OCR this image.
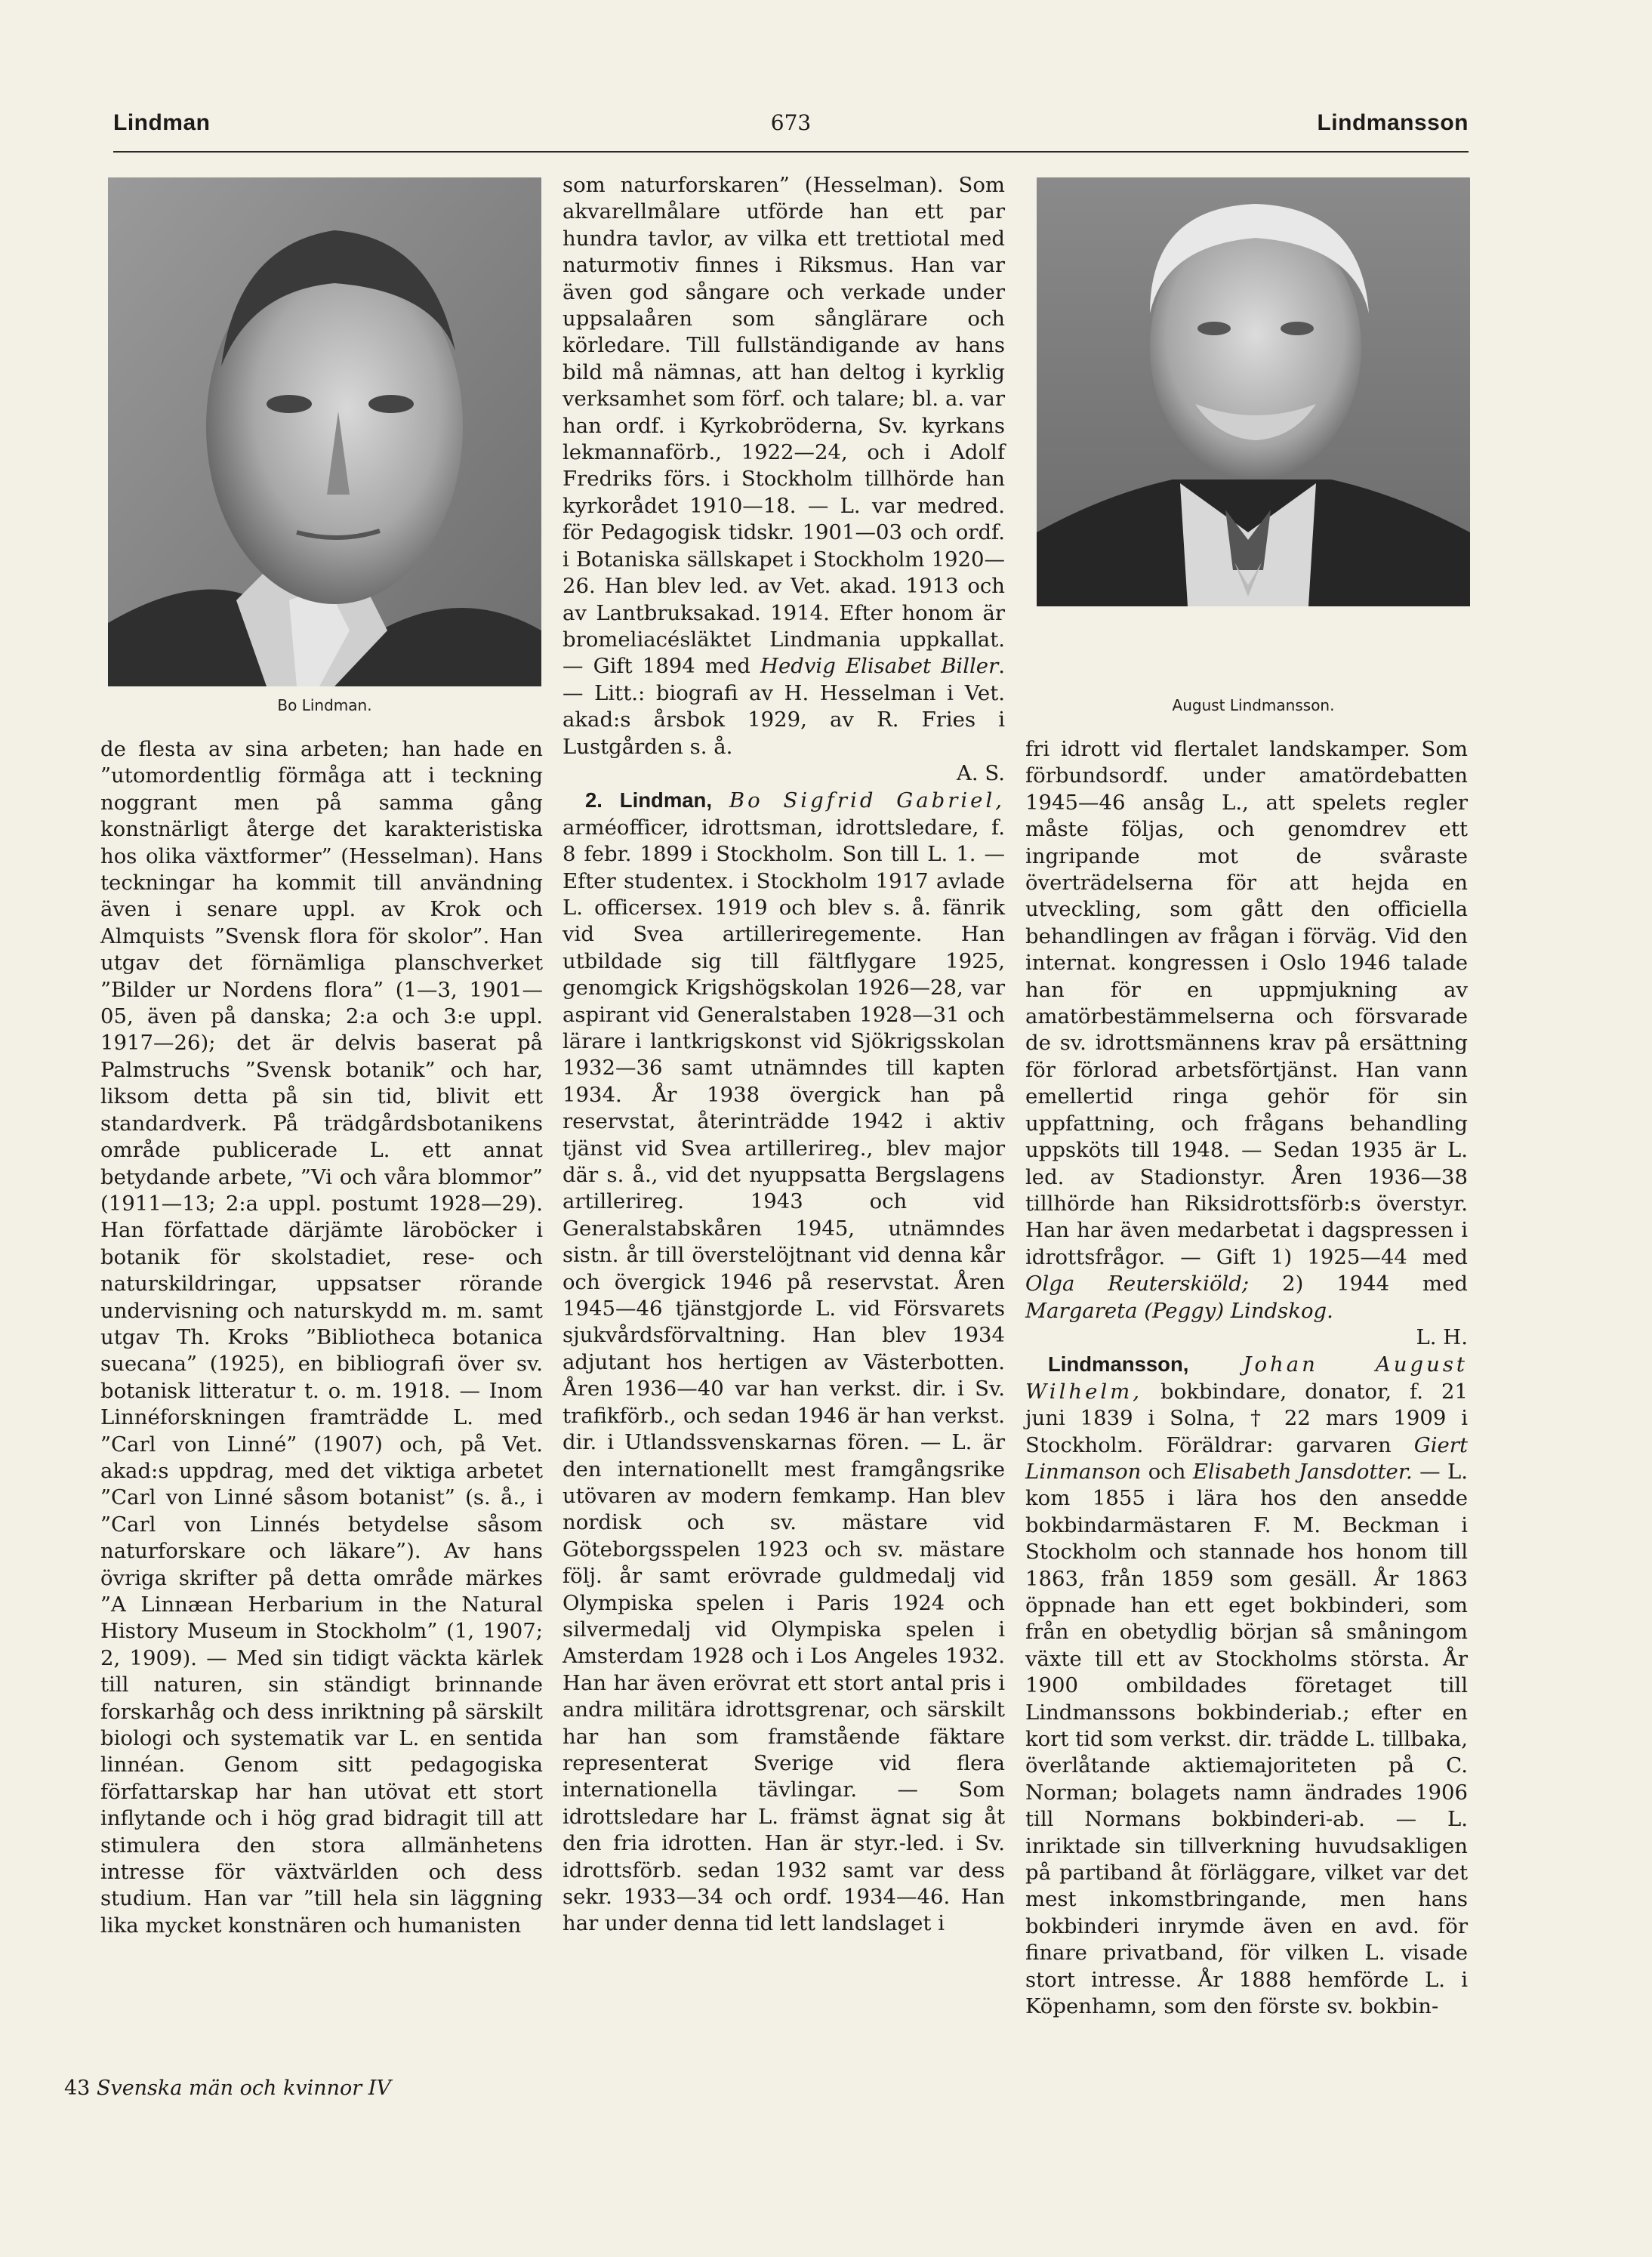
Lindman	673	Lindmansson
Bo Lindman.	August Lindmansson.

de flesta av sina arbeten; han hade en ”utomordentlig förmåga att i teckning noggrant men på samma gång konstnärligt återge det karakteristiska hos olika växtformer” (Hesselman). Hans teckningar ha kommit till användning även i senare uppl. av Krok och Almquists ”Svensk flora för skolor”. Han utgav det förnämliga planschverket ”Bilder ur Nordens flora” (1—3, 1901—05, även på danska; 2:a och 3:e uppl. 1917—26); det är delvis baserat på Palmstruchs ”Svensk botanik” och har, liksom detta på sin tid, blivit ett standardverk. På trädgårdsbotanikens område publicerade L. ett annat betydande arbete, ”Vi och våra blommor” (1911—13; 2:a uppl. postumt 1928—29). Han författade därjämte läroböcker i botanik för skolstadiet, rese- och naturskildringar, uppsatser rörande undervisning och naturskydd m. m. samt utgav Th. Kroks ”Bibliotheca botanica suecana” (1925), en bibliografi över sv. botanisk litteratur t. o. m. 1918. — Inom Linnéforskningen framträdde L. med ”Carl von Linné” (1907) och, på Vet. akad:s uppdrag, med det viktiga arbetet ”Carl von Linné såsom botanist” (s. å., i ”Carl von Linnés betydelse såsom naturforskare och läkare”). Av hans övriga skrifter på detta område märkes ”A Linnæan Herbarium in the Natural History Museum in Stockholm” (1, 1907; 2, 1909). — Med sin tidigt väckta kärlek till naturen, sin ständigt brinnande forskarhåg och dess inriktning på särskilt biologi och systematik var L. en sentida linnéan. Genom sitt pedagogiska författarskap har han utövat ett stort inflytande och i hög grad bidragit till att stimulera den stora allmänhetens intresse för växtvärlden och dess studium. Han var ”till hela sin läggning lika mycket konstnären och humanisten

som naturforskaren” (Hesselman). Som akvarellmålare utförde han ett par hundra tavlor, av vilka ett trettiotal med naturmotiv finnes i Riksmus. Han var även god sångare och verkade under uppsalaåren som sånglärare och körledare. Till fullständigande av hans bild må nämnas, att han deltog i kyrklig verksamhet som förf. och talare; bl. a. var han ordf. i Kyrkobröderna, Sv. kyrkans lekmannaförb., 1922—24, och i Adolf Fredriks förs. i Stockholm tillhörde han kyrkorådet 1910—18. — L. var medred. för Pedagogisk tidskr. 1901—03 och ordf. i Botaniska sällskapet i Stockholm 1920—26. Han blev led. av Vet. akad. 1913 och av Lantbruksakad. 1914. Efter honom är bromeliacésläktet Lindmania uppkallat. — Gift 1894 med Hedvig Elisabet Biller. — Litt.: biografi av H. Hesselman i Vet. akad:s årsbok 1929, av R. Fries i Lustgården s. å.
A. S.

2. Lindman, Bo Sigfrid Gabriel, arméofficer, idrottsman, idrottsledare, f. 8 febr. 1899 i Stockholm. Son till L. 1. — Efter studentex. i Stockholm 1917 avlade L. officersex. 1919 och blev s. å. fänrik vid Svea artilleriregemente. Han utbildade sig till fältflygare 1925, genomgick Krigshögskolan 1926—28, var aspirant vid Generalstaben 1928—31 och lärare i lantkrigskonst vid Sjökrigsskolan 1932—36 samt utnämndes till kapten 1934. År 1938 övergick han på reservstat, återinträdde 1942 i aktiv tjänst vid Svea artillerireg., blev major där s. å., vid det nyuppsatta Bergslagens artillerireg. 1943 och vid Generalstabskåren 1945, utnämndes sistn. år till överstelöjtnant vid denna kår och övergick 1946 på reservstat. Åren 1945—46 tjänstgjorde L. vid Försvarets sjukvårdsförvaltning. Han blev 1934 adjutant hos hertigen av Västerbotten. Åren 1936—40 var han verkst. dir. i Sv. trafikförb., och sedan 1946 är han verkst. dir. i Utlandssvenskarnas fören. — L. är den internationellt mest framgångsrike utövaren av modern femkamp. Han blev nordisk och sv. mästare vid Göteborgsspelen 1923 och sv. mästare följ. år samt erövrade guldmedalj vid Olympiska spelen i Paris 1924 och silvermedalj vid Olympiska spelen i Amsterdam 1928 och i Los Angeles 1932. Han har även erövrat ett stort antal pris i andra militära idrottsgrenar, och särskilt har han som framstående fäktare representerat Sverige vid flera internationella tävlingar. — Som idrottsledare har L. främst ägnat sig åt den fria idrotten. Han är styr.-led. i Sv. idrottsförb. sedan 1932 samt var dess sekr. 1933—34 och ordf. 1934—46. Han har under denna tid lett landslaget i

fri idrott vid flertalet landskamper. Som förbundsordf. under amatördebatten 1945—46 ansåg L., att spelets regler måste följas, och genomdrev ett ingripande mot de svåraste överträdelserna för att hejda en utveckling, som gått den officiella behandlingen av frågan i förväg. Vid den internat. kongressen i Oslo 1946 talade han för en uppmjukning av amatörbestämmelserna och försvarade de sv. idrottsmännens krav på ersättning för förlorad arbetsförtjänst. Han vann emellertid ringa gehör för sin uppfattning, och frågans behandling uppsköts till 1948. — Sedan 1935 är L. led. av Stadionstyr. Åren 1936—38 tillhörde han Riksidrottsförb:s överstyr. Han har även medarbetat i dagspressen i idrottsfrågor. — Gift 1) 1925—44 med Olga Reuterskiöld; 2) 1944 med Margareta (Peggy) Lindskog.
L. H.

Lindmansson,	Johan August Wilhelm, bokbindare, donator, f. 21 juni 1839 i Solna, † 22 mars 1909 i Stockholm. Föräldrar: garvaren Giert Linmanson och Elisabeth Jansdotter. — L. kom 1855 i lära hos den ansedde bokbindarmästaren F. M. Beckman i Stockholm och stannade hos honom till 1863, från 1859 som gesäll. År 1863 öppnade han ett eget bokbinderi, som från en obetydlig början så småningom växte till ett av Stockholms största. År 1900 ombildades företaget till Lindmanssons bokbinderiab.; efter en kort tid som verkst. dir. trädde L. tillbaka, överlåtande aktiemajoriteten på C. Norman; bolagets namn ändrades 1906 till Normans bokbinderi-ab. — L. inriktade sin tillverkning huvudsakligen på partiband åt förläggare, vilket var det mest inkomstbringande, men hans bokbinderi inrymde även en avd. för finare privatband, för vilken L. visade stort intresse. År 1888 hemförde L. i Köpenhamn, som den förste sv. bokbin-

43 Svenska män och kvinnor IV
